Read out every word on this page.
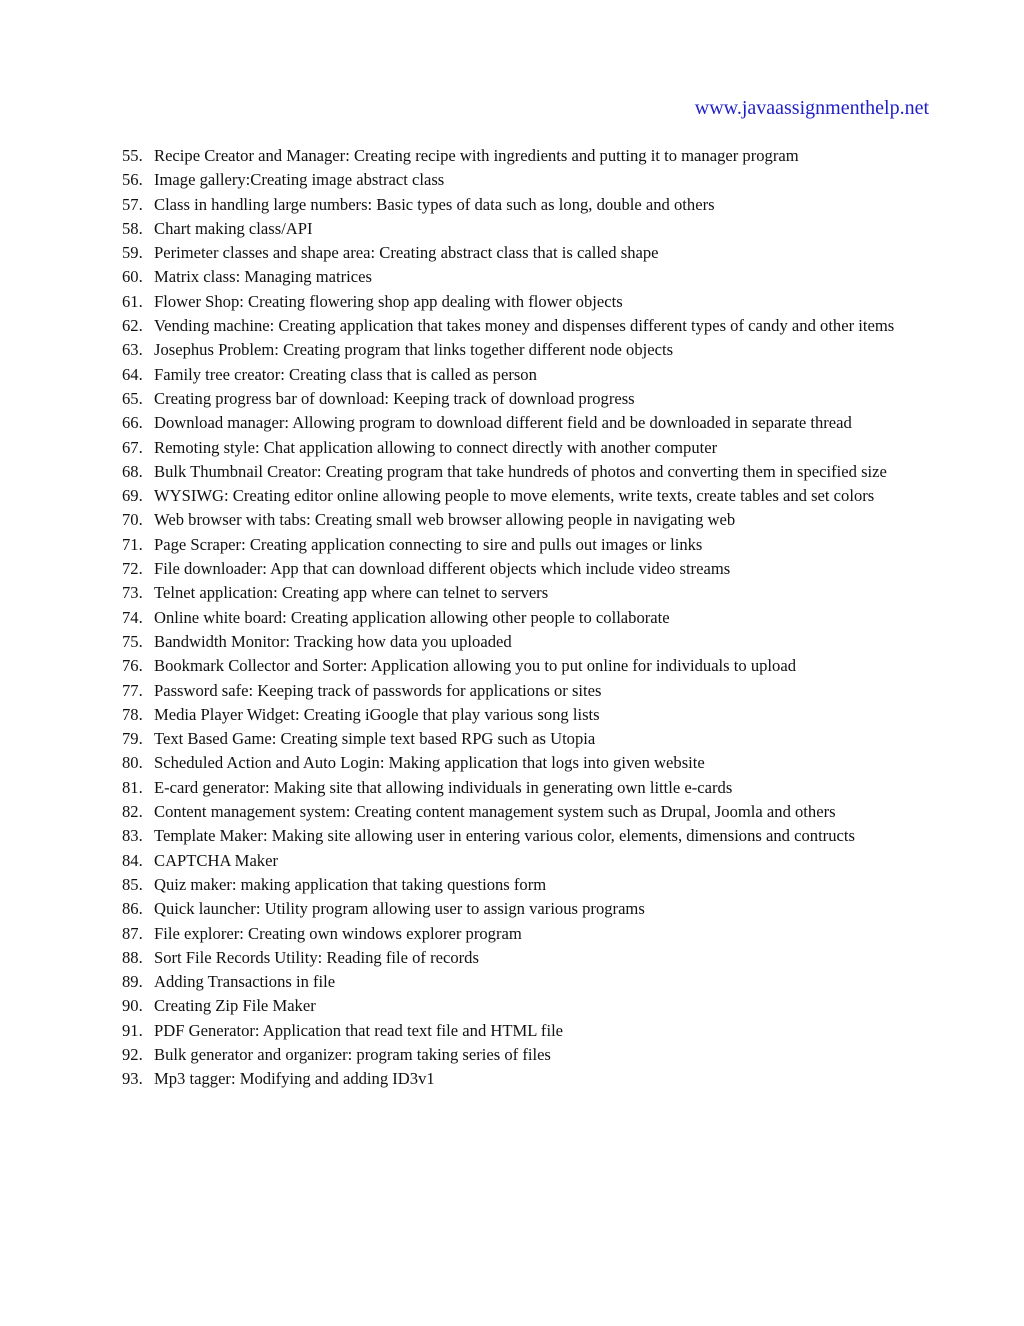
www.javaassignmenthelp.net
55. Recipe Creator and Manager: Creating recipe with ingredients and putting it to manager program
56. Image gallery:Creating image abstract class
57. Class in handling large numbers: Basic types of data such as long, double and others
58. Chart making class/API
59. Perimeter classes and shape area: Creating abstract class that is called shape
60. Matrix class: Managing matrices
61. Flower Shop: Creating flowering shop app dealing with flower objects
62. Vending machine: Creating application that takes money and dispenses different types of candy and other items
63. Josephus Problem: Creating program that links together different node objects
64. Family tree creator: Creating class that is called as person
65. Creating progress bar of download: Keeping track of download progress
66. Download manager: Allowing program to download different field and be downloaded in separate thread
67. Remoting style: Chat application allowing to connect directly with another computer
68. Bulk Thumbnail Creator: Creating program that take hundreds of photos and converting them in specified size
69. WYSIWG: Creating editor online allowing people to move elements, write texts, create tables and set colors
70. Web browser with tabs: Creating small web browser allowing people in navigating web
71. Page Scraper: Creating application connecting to sire and pulls out images or links
72. File downloader: App that can download different objects which include video streams
73. Telnet application: Creating app where can telnet to servers
74. Online white board: Creating application allowing other people to collaborate
75. Bandwidth Monitor: Tracking how data you uploaded
76. Bookmark Collector and Sorter: Application allowing you to put online for individuals to upload
77. Password safe: Keeping track of passwords for applications or sites
78. Media Player Widget: Creating iGoogle that play various song lists
79. Text Based Game: Creating simple text based RPG such as Utopia
80. Scheduled Action and Auto Login: Making application that logs into given website
81. E-card generator: Making site that allowing individuals in generating own little e-cards
82. Content management system: Creating content management system such as Drupal, Joomla and others
83. Template Maker: Making site allowing user in entering various color, elements, dimensions and contructs
84. CAPTCHA Maker
85. Quiz maker: making application that taking questions form
86. Quick launcher: Utility program allowing user to assign various programs
87. File explorer: Creating own windows explorer program
88. Sort File Records Utility: Reading file of records
89. Adding Transactions in file
90. Creating Zip File Maker
91. PDF Generator: Application that read text file and HTML file
92. Bulk generator and organizer: program taking series of files
93. Mp3 tagger: Modifying and adding ID3v1
